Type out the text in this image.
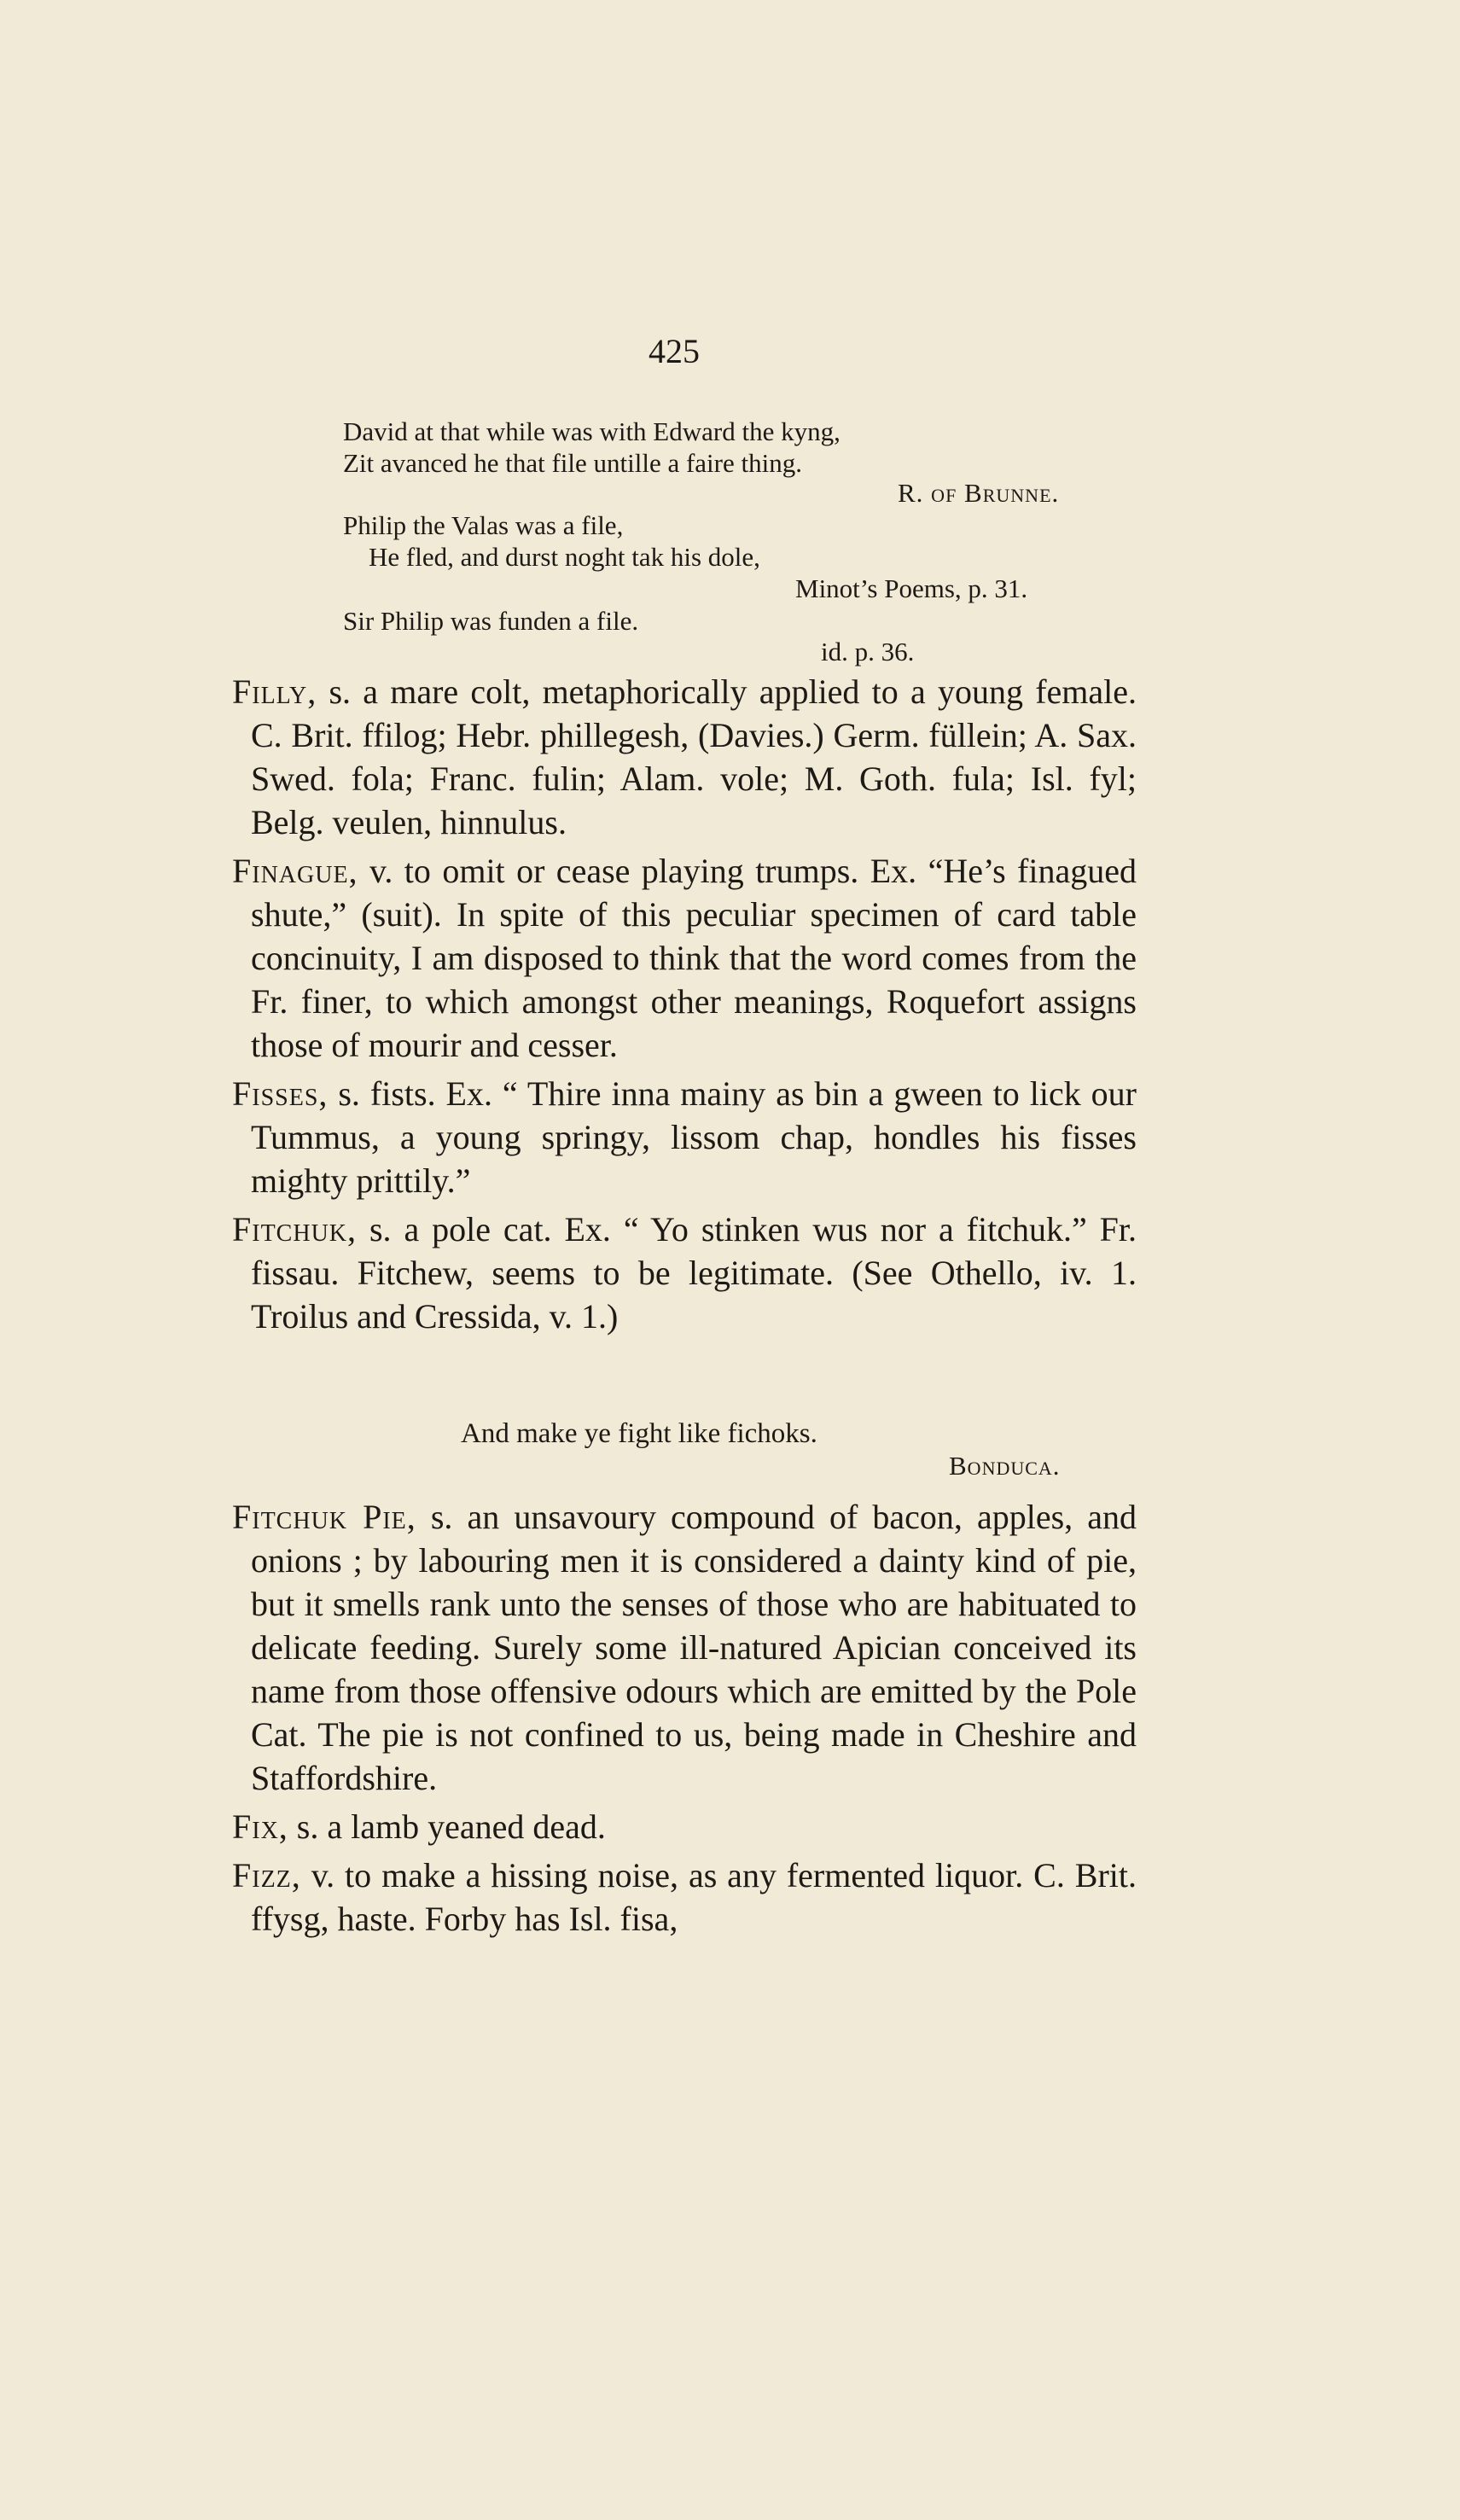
425
David at that while was with Edward the kyng,
Zit avanced he that file untille a faire thing.
R. of Brunne.
Philip the Valas was a file,
He fled, and durst noght tak his dole,
Minot’s Poems, p. 31.
Sir Philip was funden a file.
id. p. 36.

Filly, s. a mare colt, metaphorically applied to a young female. C. Brit. ffilog; Hebr. phillegesh, (Davies.) Germ. füllein; A. Sax. Swed. fola; Franc. fulin; Alam. vole; M. Goth. fula; Isl. fyl; Belg. veulen, hinnulus.

Finague, v. to omit or cease playing trumps. Ex. “He’s finagued shute,” (suit). In spite of this peculiar specimen of card table concinuity, I am disposed to think that the word comes from the Fr. finer, to which amongst other meanings, Roquefort assigns those of mourir and cesser.

Fisses, s. fists. Ex. “ Thire inna mainy as bin a gween to lick our Tummus, a young springy, lissom chap, hondles his fisses mighty prittily.”

Fitchuk, s. a pole cat. Ex. “ Yo stinken wus nor a fitchuk.” Fr. fissau. Fitchew, seems to be legitimate. (See Othello, iv. 1. Troilus and Cressida, v. 1.)

And make ye fight like fichoks.
Bonduca.

Fitchuk Pie, s. an unsavoury compound of bacon, apples, and onions ; by labouring men it is considered a dainty kind of pie, but it smells rank unto the senses of those who are habituated to delicate feeding. Surely some ill-natured Apician conceived its name from those offensive odours which are emitted by the Pole Cat. The pie is not confined to us, being made in Cheshire and Staffordshire.

Fix, s. a lamb yeaned dead.

Fizz, v. to make a hissing noise, as any fermented liquor. C. Brit. ffysg, haste. Forby has Isl. fisa,
